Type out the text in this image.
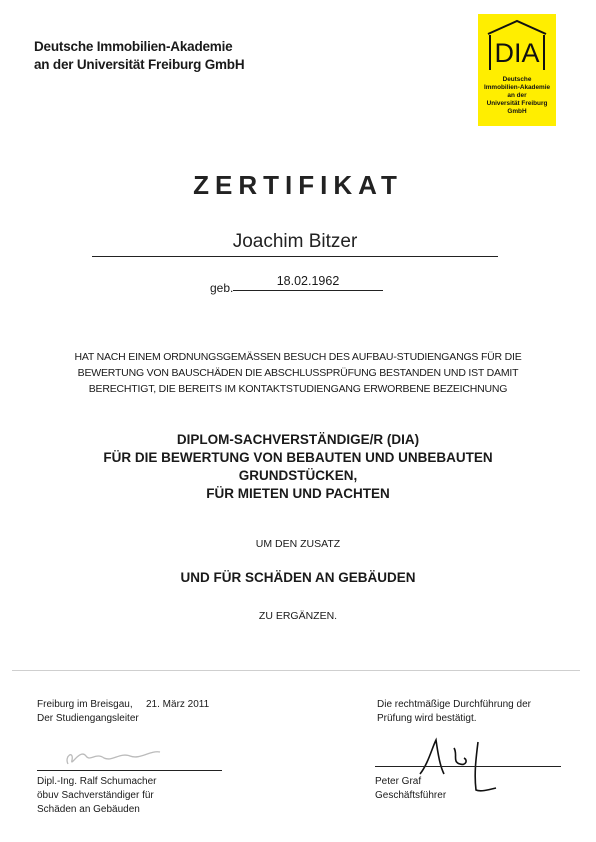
Deutsche Immobilien-Akademie
an der Universität Freiburg GmbH	DIA
Deutsche
Immobilien-Akademie
an der
Universität Freiburg
GmbH
ZERTIFIKAT
Joachim Bitzer
geb.	18.02.1962
HAT NACH EINEM ORDNUNGSGEMÄSSEN BESUCH DES AUFBAU-STUDIENGANGS FÜR DIE
BEWERTUNG VON BAUSCHÄDEN DIE ABSCHLUSSPRÜFUNG BESTANDEN UND IST DAMIT
BERECHTIGT, DIE BEREITS IM KONTAKTSTUDIENGANG ERWORBENE BEZEICHNUNG
DIPLOM-SACHVERSTÄNDIGE/R (DIA)
FÜR DIE BEWERTUNG VON BEBAUTEN UND UNBEBAUTEN
GRUNDSTÜCKEN,
FÜR MIETEN UND PACHTEN
UM DEN ZUSATZ
UND FÜR SCHÄDEN AN GEBÄUDEN
ZU ERGÄNZEN.
Freiburg im Breisgau,
Der Studiengangsleiter
21. März 2011	Die rechtmäßige Durchführung der
Prüfung wird bestätigt.
Dipl.-Ing. Ralf Schumacher
öbuv Sachverständiger für
Schäden an Gebäuden
Peter Graf
Geschäftsführer
